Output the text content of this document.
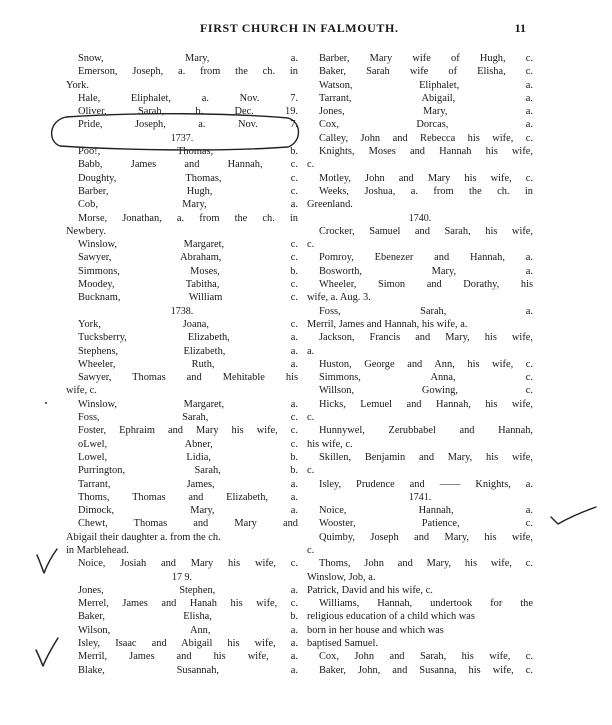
FIRST CHURCH IN FALMOUTH.	11
Snow, Mary, a.
Emerson, Joseph, a. from the ch. in
York.
Hale, Eliphalet, a. Nov. 7.
Oliver, Sarah, b. Dec. 19.
Pride, Joseph, a. Nov. 7.
1737.
Poo!, Thomas, b.
Babb, James and Hannah, c.
Doughty, Thomas, c.
Barber, Hugh, c.
Cob, Mary, a.
Morse, Jonathan, a. from the ch. in
Newbery.
Winslow, Margaret, c.
Sawyer, Abraham, c.
Simmons, Moses, b.
Moodey, Tabitha, c.
Bucknam, William c.
1738.
York, Joana, c.
Tucksberry, Elizabeth, a.
Stephens, Elizabeth, a.
Wheeler, Ruth, a.
Sawyer, Thomas and Mehitable his
wife, c.
Winslow, Margaret, a.
Foss, Sarah, c.
Foster, Ephraim and Mary his wife, c.
oLwel, Abner, c.
Lowel, Lidia, b.
Purrington, Sarah, b.
Tarrant, James, a.
Thoms, Thomas and Elizabeth, a.
Dimock, Mary, a.
Chewt, Thomas and Mary and
Abigail their daughter a. from the ch.
in Marblehead.
Noice, Josiah and Mary his wife, c.
17 9.
Jones, Stephen, a.
Merrel, James and Hanah his wife, c.
Baker, Elisha, b.
Wilson, Ann, a.
Isley, Isaac and Abigail his wife, a.
Merril, James and his wife, a.
Blake, Susannah, a.
Barber, Mary wife of Hugh, c.
Baker, Sarah wife of Elisha, c.
Watson, Eliphalet, a.
Tarrant, Abigail, a.
Jones, Mary, a.
Cox, Dorcas, a.
Calley, John and Rebecca his wife, c.
Knights, Moses and Hannah his wife,
c.
Motley, John and Mary his wife, c.
Weeks, Joshua, a. from the ch. in
Greenland.
1740.
Crocker, Samuel and Sarah, his wife,
c.
Pomroy, Ebenezer and Hannah, a.
Bosworth, Mary, a.
Wheeler, Simon and Dorathy, his
wife, a. Aug. 3.
Foss, Sarah, a.
Merril, James and Hannah, his wife, a.
Jackson, Francis and Mary, his wife,
a.
Huston, George and Ann, his wife, c.
Simmons, Anna, c.
Willson, Gowing, c.
Hicks, Lemuel and Hannah, his wife,
c.
Hunnywel, Zerubbabel and Hannah,
his wife, c.
Skillen, Benjamin and Mary, his wife,
c.
Isley, Prudence and —— Knights, a.
1741.
Noice, Hannah, a.
Wooster, Patience, c.
Quimby, Joseph and Mary, his wife,
c.
Thoms, John and Mary, his wife, c.
Winslow, Job, a.
Patrick, David and his wife, c.
Williams, Hannah, undertook for the
religious education of a child which was
born in her house and which was
baptised Samuel.
Cox, John and Sarah, his wife, c.
Baker, John, and Susanna, his wife, c.
